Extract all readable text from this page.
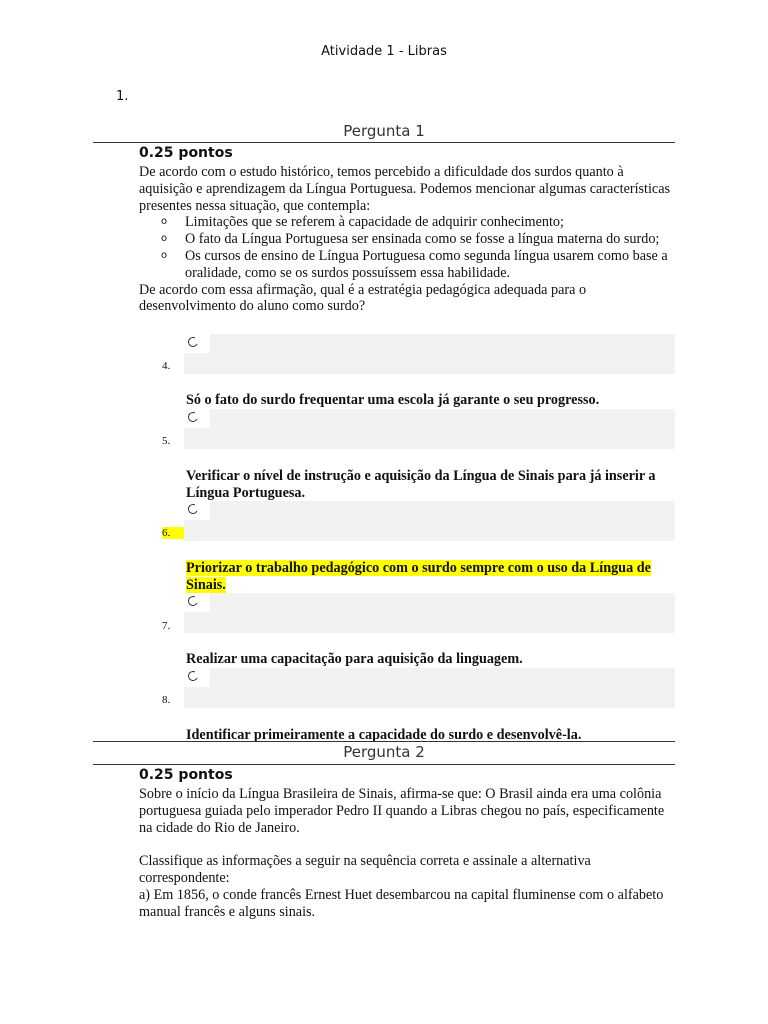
Atividade 1 - Libras
1.
Pergunta 1
0.25 pontos
De acordo com o estudo histórico, temos percebido a dificuldade dos surdos quanto à aquisição e aprendizagem da Língua Portuguesa. Podemos mencionar algumas características presentes nessa situação, que contempla:
o Limitações que se referem à capacidade de adquirir conhecimento;
o O fato da Língua Portuguesa ser ensinada como se fosse a língua materna do surdo;
o Os cursos de ensino de Língua Portuguesa como segunda língua usarem como base a oralidade, como se os surdos possuíssem essa habilidade.
De acordo com essa afirmação, qual é a estratégia pedagógica adequada para o desenvolvimento do aluno como surdo?
4.
Só o fato do surdo frequentar uma escola já garante o seu progresso.
5.
Verificar o nível de instrução e aquisição da Língua de Sinais para já inserir a Língua Portuguesa.
6.
Priorizar o trabalho pedagógico com o surdo sempre com o uso da Língua de Sinais.
7.
Realizar uma capacitação para aquisição da linguagem.
8.
Identificar primeiramente a capacidade do surdo e desenvolvê-la.
Pergunta 2
0.25 pontos
Sobre o início da Língua Brasileira de Sinais, afirma-se que: O Brasil ainda era uma colônia portuguesa guiada pelo imperador Pedro II quando a Libras chegou no país, especificamente na cidade do Rio de Janeiro.
Classifique as informações a seguir na sequência correta e assinale a alternativa correspondente:
a) Em 1856, o conde francês Ernest Huet desembarcou na capital fluminense com o alfabeto manual francês e alguns sinais.
